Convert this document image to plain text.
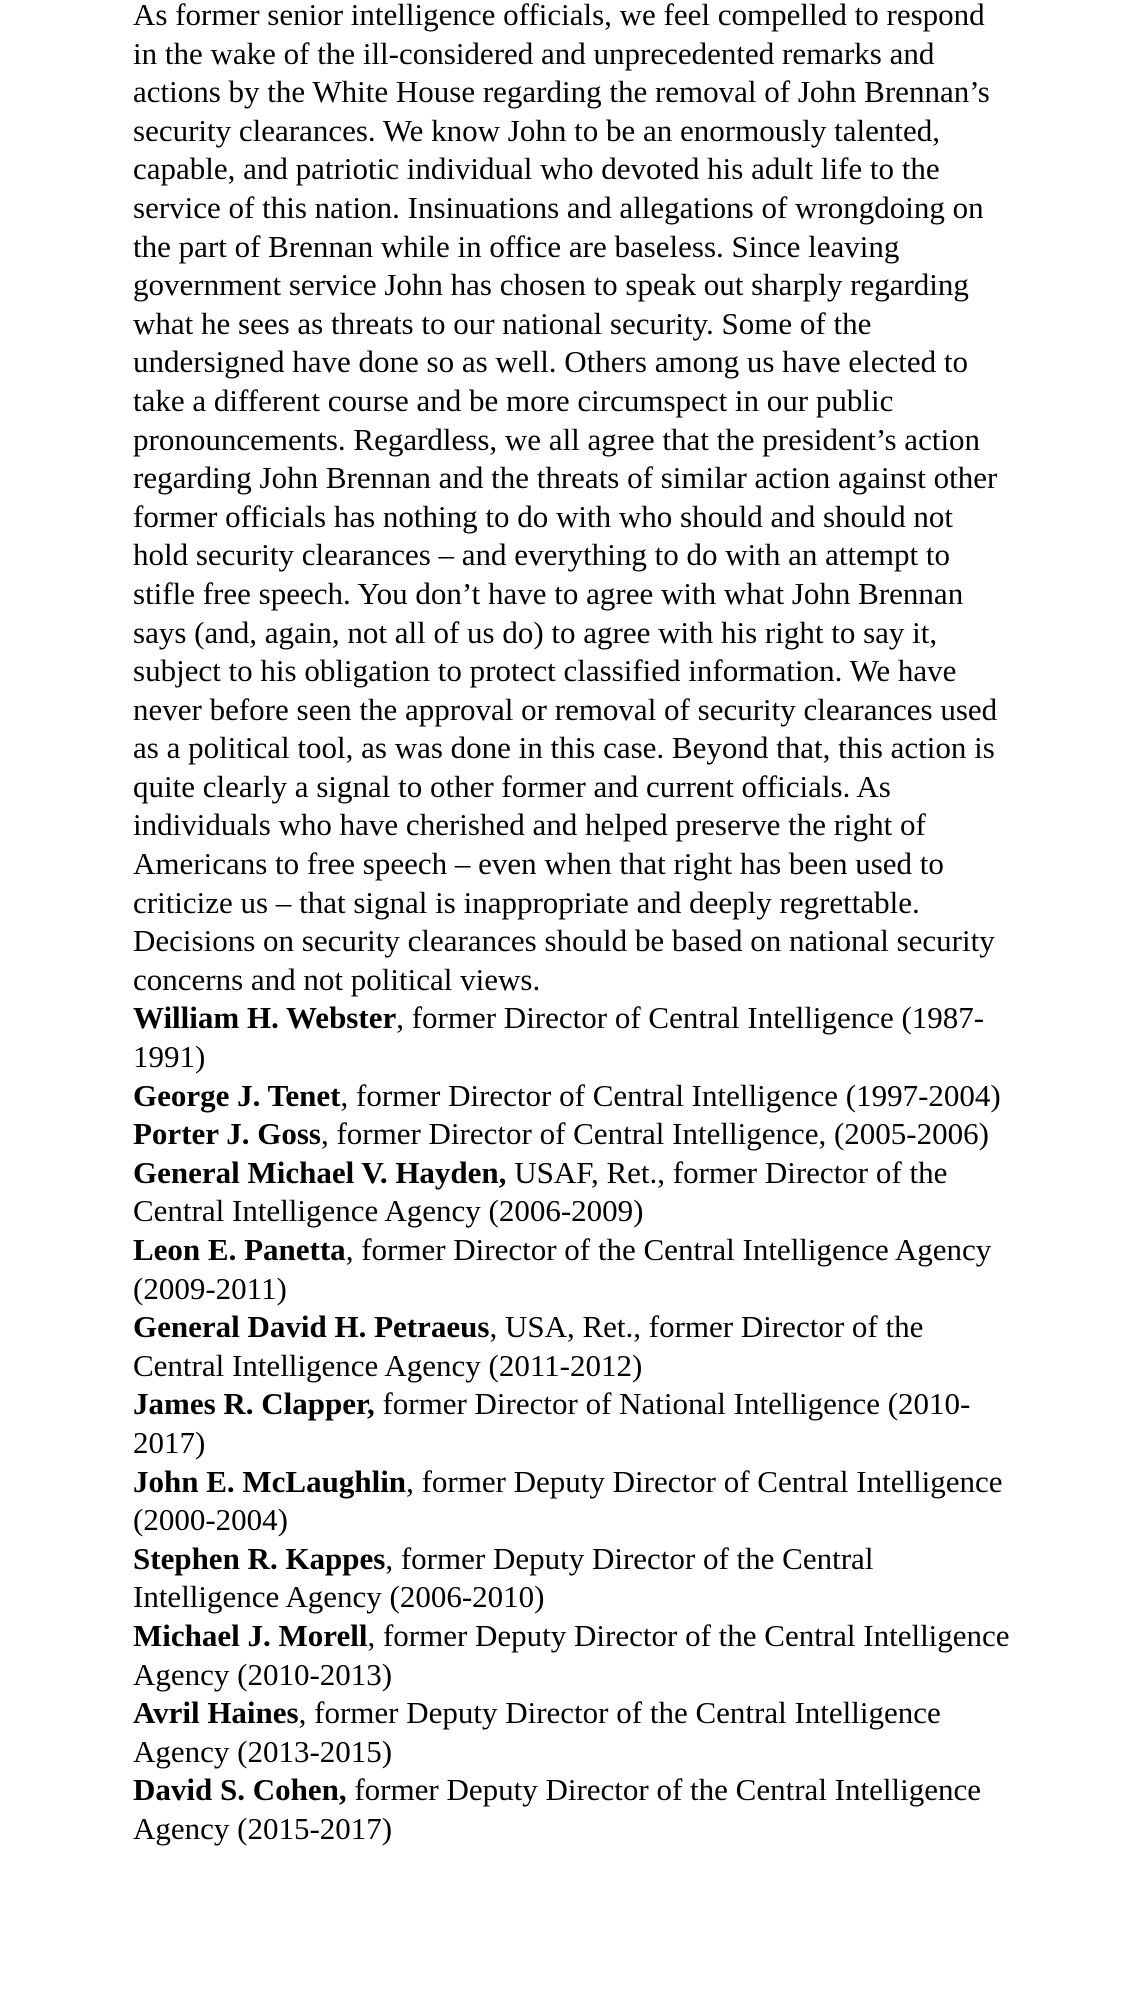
As former senior intelligence officials, we feel compelled to respond in the wake of the ill-considered and unprecedented remarks and actions by the White House regarding the removal of John Brennan’s security clearances. We know John to be an enormously talented, capable, and patriotic individual who devoted his adult life to the service of this nation. Insinuations and allegations of wrongdoing on the part of Brennan while in office are baseless. Since leaving government service John has chosen to speak out sharply regarding what he sees as threats to our national security. Some of the undersigned have done so as well. Others among us have elected to take a different course and be more circumspect in our public pronouncements. Regardless, we all agree that the president’s action regarding John Brennan and the threats of similar action against other former officials has nothing to do with who should and should not hold security clearances – and everything to do with an attempt to stifle free speech. You don’t have to agree with what John Brennan says (and, again, not all of us do) to agree with his right to say it, subject to his obligation to protect classified information. We have never before seen the approval or removal of security clearances used as a political tool, as was done in this case. Beyond that, this action is quite clearly a signal to other former and current officials. As individuals who have cherished and helped preserve the right of Americans to free speech – even when that right has been used to criticize us – that signal is inappropriate and deeply regrettable. Decisions on security clearances should be based on national security concerns and not political views.

William H. Webster, former Director of Central Intelligence (1987-1991)

George J. Tenet, former Director of Central Intelligence (1997-2004)

Porter J. Goss, former Director of Central Intelligence, (2005-2006)

General Michael V. Hayden, USAF, Ret., former Director of the Central Intelligence Agency (2006-2009)

Leon E. Panetta, former Director of the Central Intelligence Agency (2009-2011)

General David H. Petraeus, USA, Ret., former Director of the Central Intelligence Agency (2011-2012)

James R. Clapper, former Director of National Intelligence (2010-2017)

John E. McLaughlin, former Deputy Director of Central Intelligence (2000-2004)

Stephen R. Kappes, former Deputy Director of the Central Intelligence Agency (2006-2010)

Michael J. Morell, former Deputy Director of the Central Intelligence Agency (2010-2013)

Avril Haines, former Deputy Director of the Central Intelligence Agency (2013-2015)

David S. Cohen, former Deputy Director of the Central Intelligence Agency (2015-2017)
